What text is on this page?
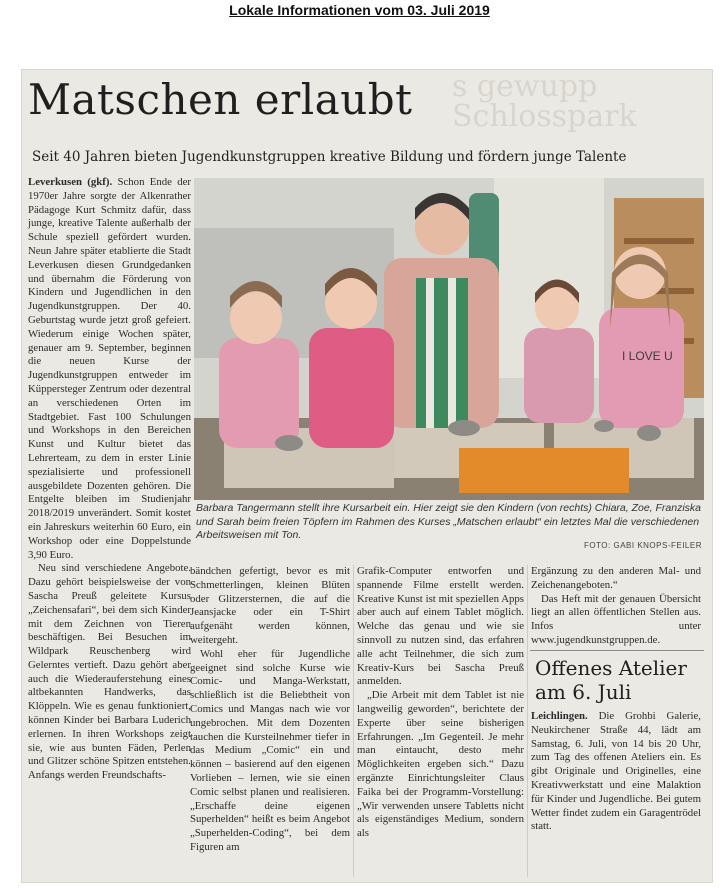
Lokale Informationen vom 03. Juli 2019
s gewupp
Schlosspark
Matschen erlaubt
Seit 40 Jahren bieten Jugendkunstgruppen kreative Bildung und fördern junge Talente

Leverkusen (gkf). Schon Ende der 1970er Jahre sorgte der Alkenrather Pädagoge Kurt Schmitz dafür, dass junge, kreative Talente außerhalb der Schule speziell gefördert wurden. Neun Jahre später etablierte die Stadt Leverkusen diesen Grundgedanken und übernahm die Förderung von Kindern und Jugendlichen in den Jugendkunstgruppen. Der 40. Geburtstag wurde jetzt groß gefeiert. Wiederum einige Wochen später, genauer am 9. September, beginnen die neuen Kurse der Jugendkunstgruppen entweder im Küppersteger Zentrum oder dezentral an verschiedenen Orten im Stadtgebiet. Fast 100 Schulungen und Workshops in den Bereichen Kunst und Kultur bietet das Lehrerteam, zu dem in erster Linie spezialisierte und professionell ausgebildete Dozenten gehören. Die Entgelte bleiben im Studienjahr 2018/2019 unverändert. Somit kostet ein Jahreskurs weiterhin 60 Euro, ein Workshop oder eine Doppelstunde 3,90 Euro.

Neu sind verschiedene Angebote. Dazu gehört beispielsweise der von Sascha Preuß geleitete Kursus „Zeichensafari“, bei dem sich Kinder mit dem Zeichnen von Tieren beschäftigen. Bei Besuchen im Wildpark Reuschenberg wird Gelerntes vertieft. Dazu gehört aber auch die Wiederauferstehung eines altbekannten Handwerks, das Klöppeln. Wie es genau funktioniert, können Kinder bei Barbara Luderich erlernen. In ihren Workshops zeigt sie, wie aus bunten Fäden, Perlen und Glitzer schöne Spitzen entstehen. Anfangs werden Freundschafts-

I LOVE U
Barbara Tangermann stellt ihre Kursarbeit ein. Hier zeigt sie den Kindern (von rechts) Chiara, Zoe, Franziska und Sarah beim freien Töpfern im Rahmen des Kurses „Matschen erlaubt“ ein letztes Mal die verschiedenen Arbeitsweisen mit Ton.
FOTO: GABI KNOPS-FEILER

bändchen gefertigt, bevor es mit Schmetterlingen, kleinen Blüten oder Glitzersternen, die auf die Jeansjacke oder ein T-Shirt aufgenäht werden können, weitergeht.

Wohl eher für Jugendliche geeignet sind solche Kurse wie Comic- und Manga-Werkstatt, schließlich ist die Beliebtheit von Comics und Mangas nach wie vor ungebrochen. Mit dem Dozenten tauchen die Kursteilnehmer tiefer in das Medium „Comic“ ein und können – basierend auf den eigenen Vorlieben – lernen, wie sie einen Comic selbst planen und realisieren. „Erschaffe deine eigenen Superhelden“ heißt es beim Angebot „Superhelden-Coding“, bei dem Figuren am

Grafik-Computer entworfen und spannende Filme erstellt werden. Kreative Kunst ist mit speziellen Apps aber auch auf einem Tablet möglich. Welche das genau und wie sie sinnvoll zu nutzen sind, das erfahren alle acht Teilnehmer, die sich zum Kreativ-Kurs bei Sascha Preuß anmelden.

„Die Arbeit mit dem Tablet ist nie langweilig geworden“, berichtete der Experte über seine bisherigen Erfahrungen. „Im Gegenteil. Je mehr man eintaucht, desto mehr Möglichkeiten ergeben sich.“ Dazu ergänzte Einrichtungsleiter Claus Faika bei der Programm-Vorstellung: „Wir verwenden unsere Tabletts nicht als eigenständiges Medium, sondern als

Ergänzung zu den anderen Mal- und Zeichenangeboten.“

Das Heft mit der genauen Übersicht liegt an allen öffentlichen Stellen aus. Infos unter www.jugendkunstgruppen.de.

Offenes Atelier am 6. Juli

Leichlingen. Die Grohbi Galerie, Neukirchener Straße 44, lädt am Samstag, 6. Juli, von 14 bis 20 Uhr, zum Tag des offenen Ateliers ein. Es gibt Originale und Originelles, eine Kreativwerkstatt und eine Malaktion für Kinder und Jugendliche. Bei gutem Wetter findet zudem ein Garagentrödel statt.
